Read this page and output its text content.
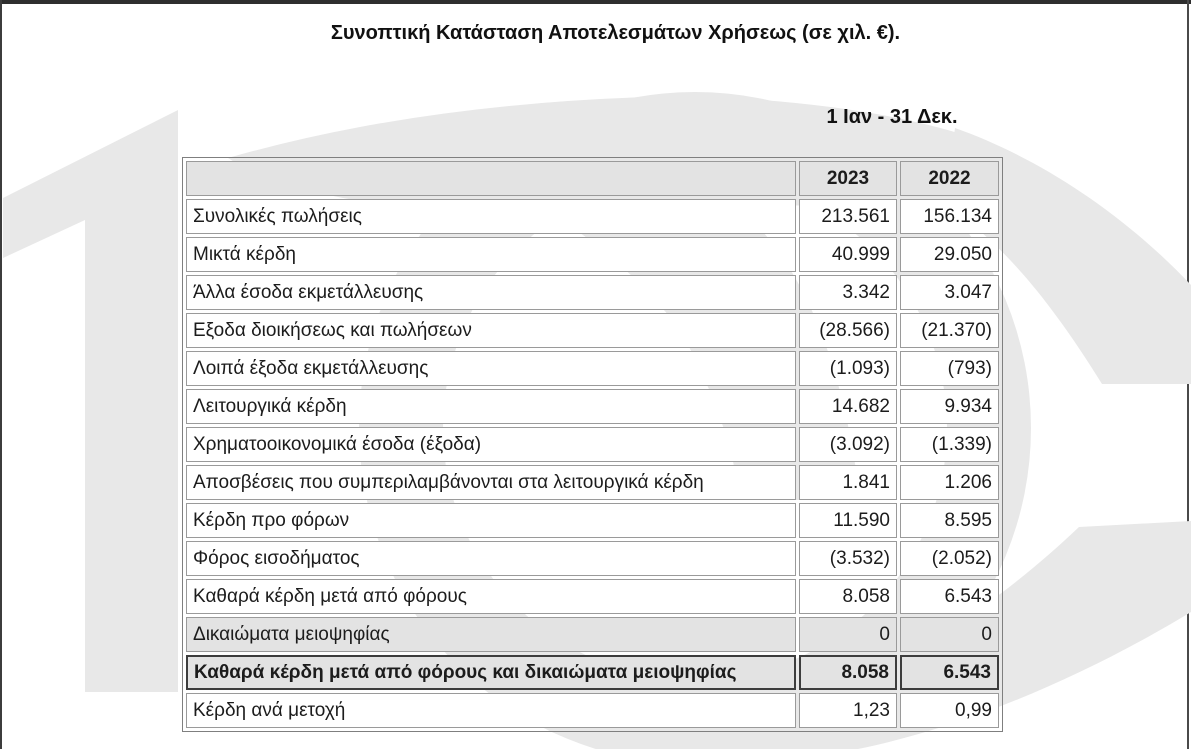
Συνοπτική Κατάσταση Αποτελεσμάτων Χρήσεως (σε χιλ. €).
1 Ιαν - 31 Δεκ.
	2023	2022
Συνολικές πωλήσεις	213.561	156.134
Μικτά κέρδη	40.999	29.050
Άλλα έσοδα εκμετάλλευσης	3.342	3.047
Εξοδα διοικήσεως και πωλήσεων	(28.566)	(21.370)
Λοιπά έξοδα εκμετάλλευσης	(1.093)	(793)
Λειτουργικά κέρδη	14.682	9.934
Χρηματοοικονομικά έσοδα (έξοδα)	(3.092)	(1.339)
Αποσβέσεις που συμπεριλαμβάνονται στα λειτουργικά κέρδη	1.841	1.206
Κέρδη προ φόρων	11.590	8.595
Φόρος εισοδήματος	(3.532)	(2.052)
Καθαρά κέρδη μετά από φόρους	8.058	6.543
Δικαιώματα μειοψηφίας	0	0
Καθαρά κέρδη μετά από φόρους και δικαιώματα μειοψηφίας	8.058	6.543
Κέρδη ανά μετοχή	1,23	0,99
